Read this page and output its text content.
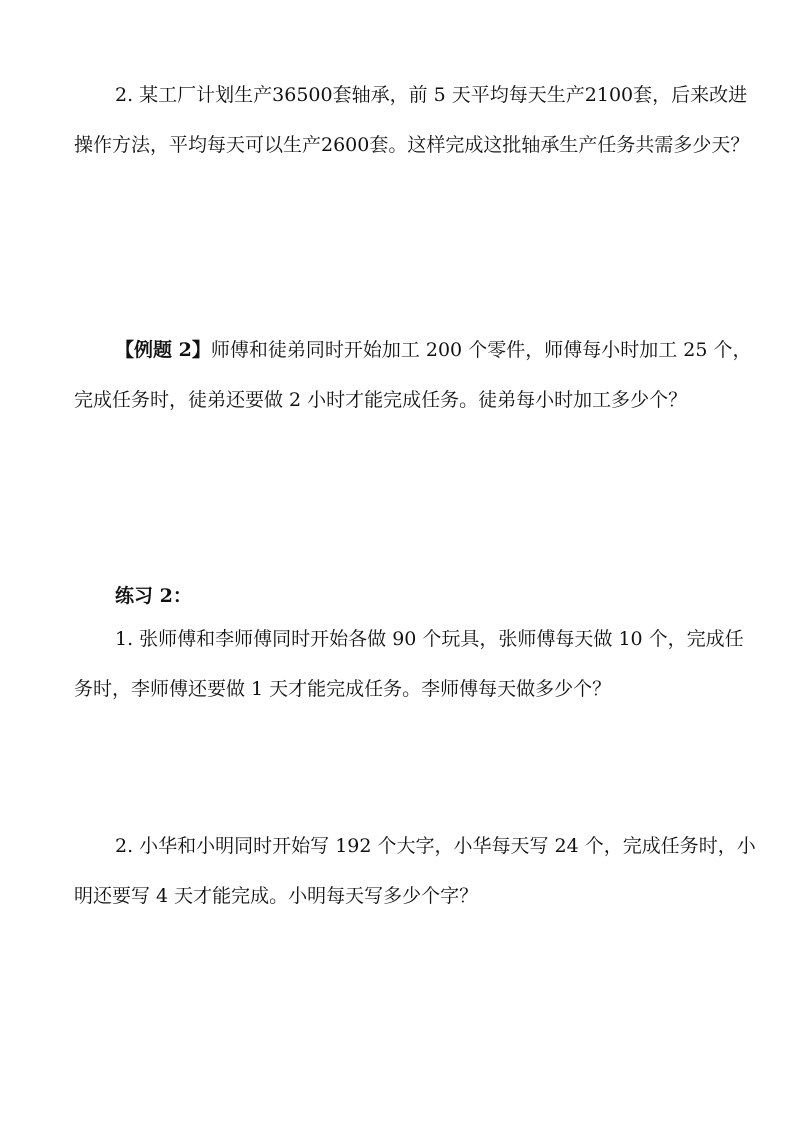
2. 某工厂计划生产36500套轴承，前 5 天平均每天生产2100套，后来改进
操作方法，平均每天可以生产2600套。这样完成这批轴承生产任务共需多少天？
【例题 2】师傅和徒弟同时开始加工 200 个零件，师傅每小时加工 25 个，
完成任务时，徒弟还要做 2 小时才能完成任务。徒弟每小时加工多少个？
练习 2：
1. 张师傅和李师傅同时开始各做 90 个玩具，张师傅每天做 10 个，完成任
务时，李师傅还要做 1 天才能完成任务。李师傅每天做多少个？
2. 小华和小明同时开始写 192 个大字，小华每天写 24 个，完成任务时，小
明还要写 4 天才能完成。小明每天写多少个字？
